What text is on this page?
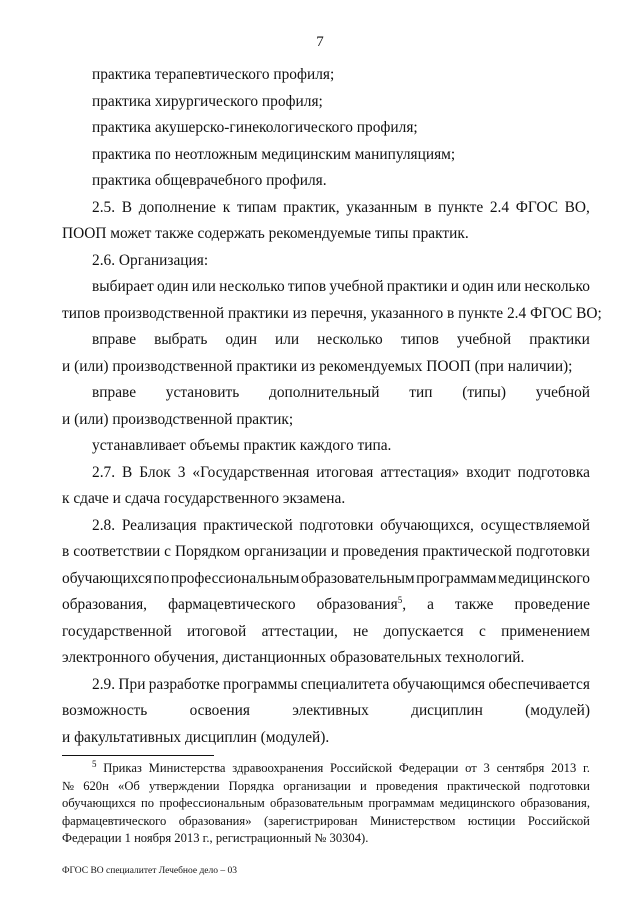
7
практика терапевтического профиля;
практика хирургического профиля;
практика акушерско-гинекологического профиля;
практика по неотложным медицинским манипуляциям;
практика общеврачебного профиля.
2.5. В дополнение к типам практик, указанным в пункте 2.4 ФГОС ВО,
ПООП может также содержать рекомендуемые типы практик.
2.6. Организация:
выбирает один или несколько типов учебной практики и один или несколько
типов производственной практики из перечня, указанного в пункте 2.4 ФГОС ВО;
вправе выбрать один или несколько типов учебной практики
и (или) производственной практики из рекомендуемых ПООП (при наличии);
вправе установить дополнительный тип (типы) учебной
и (или) производственной практик;
устанавливает объемы практик каждого типа.
2.7. В Блок 3 «Государственная итоговая аттестация» входит подготовка
к сдаче и сдача государственного экзамена.
2.8. Реализация практической подготовки обучающихся, осуществляемой
в соответствии с Порядком организации и проведения практической подготовки
обучающихся по профессиональным образовательным программам медицинского
образования, фармацевтического образования$^5$, а также проведение
государственной итоговой аттестации, не допускается с применением
электронного обучения, дистанционных образовательных технологий.
2.9. При разработке программы специалитета обучающимся обеспечивается
возможность	освоения	элективных	дисциплин	(модулей)
и факультативных дисциплин (модулей).
$^5$ Приказ Министерства здравоохранения Российской Федерации от 3 сентября 2013 г.
№ 620н «Об утверждении Порядка организации и проведения практической подготовки
обучающихся по профессиональным образовательным программам медицинского образования,
фармацевтического образования» (зарегистрирован Министерством юстиции Российской
Федерации 1 ноября 2013 г., регистрационный № 30304).
ФГОС ВО специалитет Лечебное дело – 03
